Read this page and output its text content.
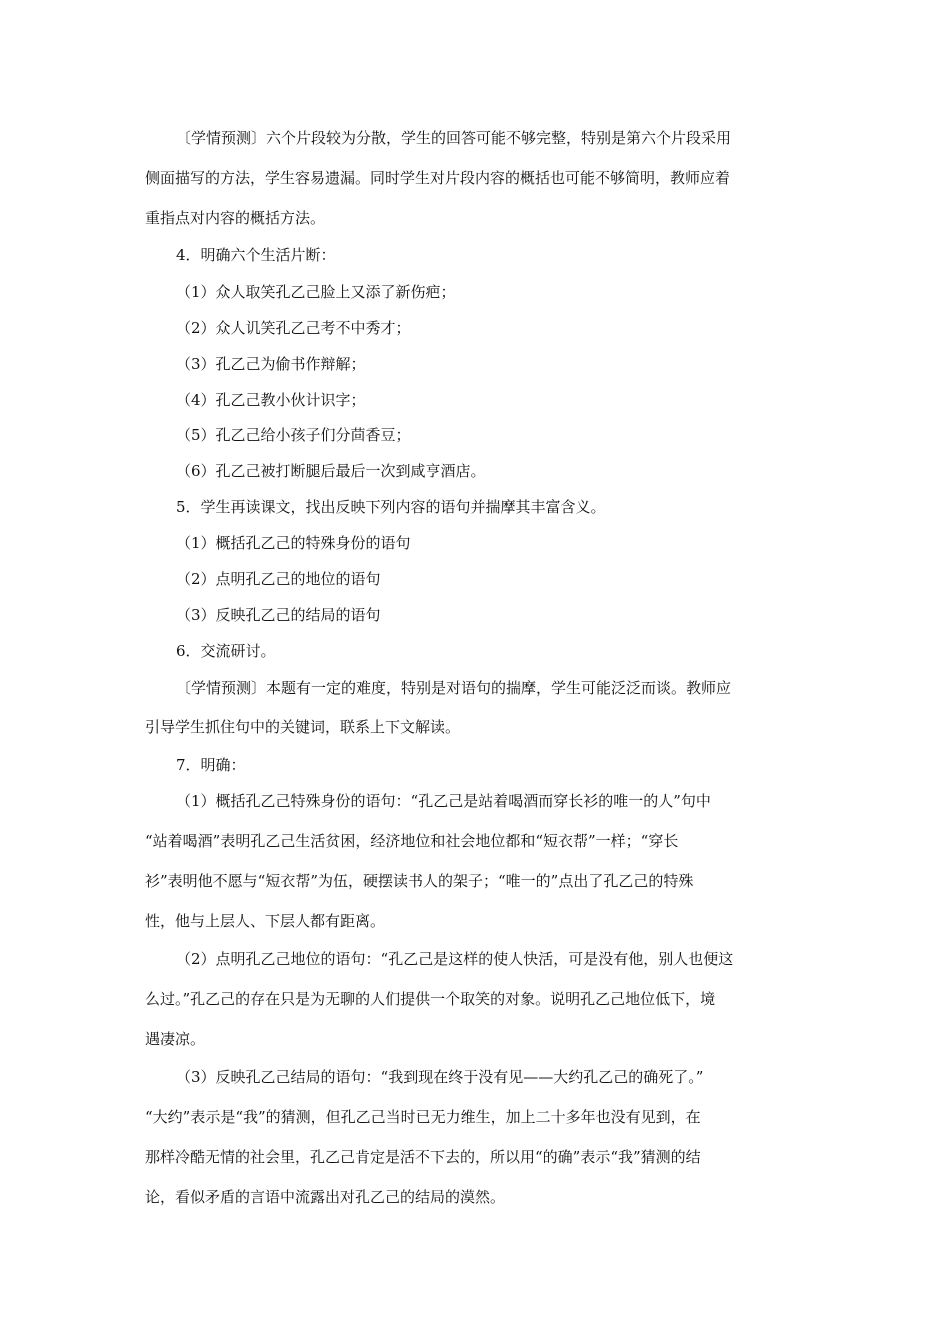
〔学情预测〕六个片段较为分散，学生的回答可能不够完整，特别是第六个片段采用
侧面描写的方法，学生容易遗漏。同时学生对片段内容的概括也可能不够简明，教师应着
重指点对内容的概括方法。
4．明确六个生活片断：
（1）众人取笑孔乙己脸上又添了新伤疤；
（2）众人讥笑孔乙己考不中秀才；
（3）孔乙己为偷书作辩解；
（4）孔乙己教小伙计识字；
（5）孔乙己给小孩子们分茴香豆；
（6）孔乙己被打断腿后最后一次到咸亨酒店。
5．学生再读课文，找出反映下列内容的语句并揣摩其丰富含义。
（1）概括孔乙己的特殊身份的语句
（2）点明孔乙己的地位的语句
（3）反映孔乙己的结局的语句
6．交流研讨。
〔学情预测〕本题有一定的难度，特别是对语句的揣摩，学生可能泛泛而谈。教师应
引导学生抓住句中的关键词，联系上下文解读。
7．明确：
（1）概括孔乙己特殊身份的语句：“孔乙己是站着喝酒而穿长衫的唯一的人”句中
“站着喝酒”表明孔乙己生活贫困，经济地位和社会地位都和“短衣帮”一样；“穿长
衫”表明他不愿与“短衣帮”为伍，硬摆读书人的架子；“唯一的”点出了孔乙己的特殊
性，他与上层人、下层人都有距离。
（2）点明孔乙己地位的语句：“孔乙己是这样的使人快活，可是没有他，别人也便这
么过。”孔乙己的存在只是为无聊的人们提供一个取笑的对象。说明孔乙己地位低下，境
遇凄凉。
（3）反映孔乙己结局的语句：“我到现在终于没有见——大约孔乙己的确死了。”
“大约”表示是“我”的猜测，但孔乙己当时已无力维生，加上二十多年也没有见到，在
那样冷酷无情的社会里，孔乙己肯定是活不下去的，所以用“的确”表示“我”猜测的结
论，看似矛盾的言语中流露出对孔乙己的结局的漠然。
